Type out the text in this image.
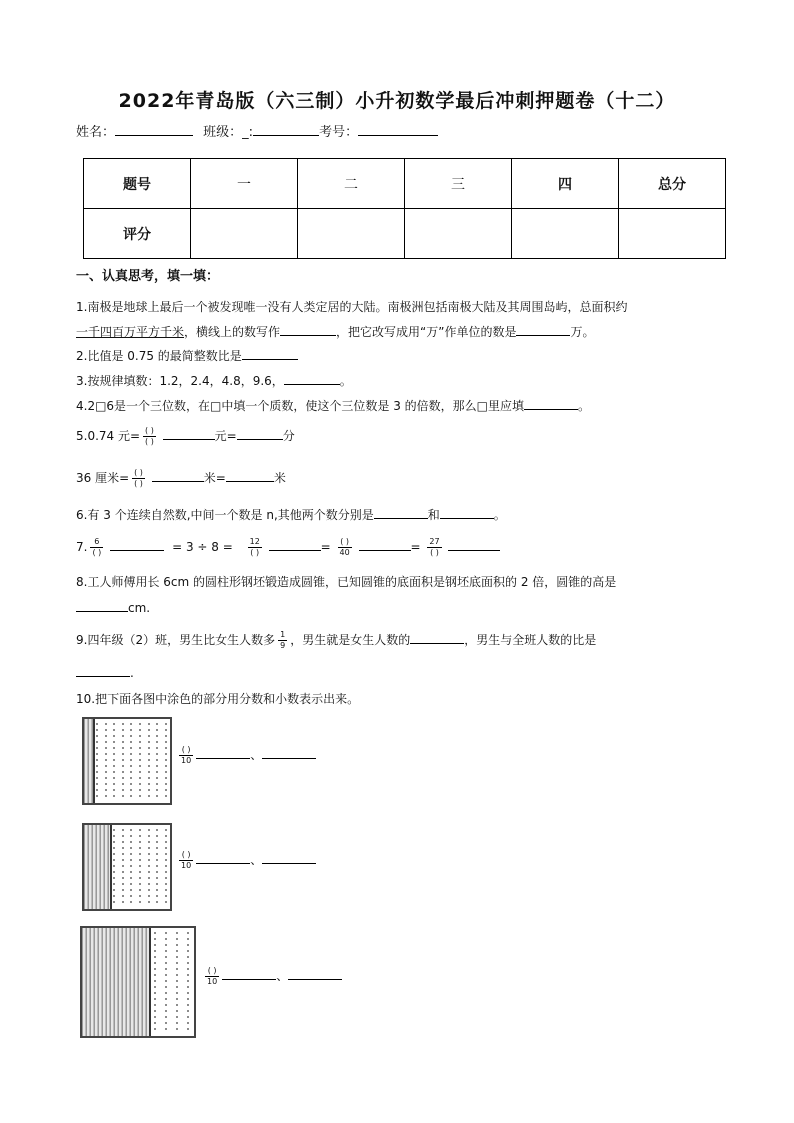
2022年青岛版（六三制）小升初数学最后冲刺押题卷（十二）
姓名：	班级：_:	考号：
题号	一	二	三	四	总分
评分					
一、认真思考，填一填：
1.南极是地球上最后一个被发现唯一没有人类定居的大陆。南极洲包括南极大陆及其周围岛屿，总面积约
一千四百万平方千米，横线上的数写作	，把它改写成用“万”作单位的数是	万。
2.比值是 0.75 的最简整数比是
3.按规律填数：1.2，2.4，4.8，9.6，	。
4.2□6是一个三位数，在□中填一个质数，使这个三位数是 3 的倍数，那么□里应填	。
5.0.74 元= $\frac{( )}{( )}$	元=	分
36 厘米= $\frac{( )}{( )}$	米=	米
6.有 3 个连续自然数,中间一个数是 n,其他两个数分别是	和	。
7. $\frac{6}{( )}$	= $3 \div 8 = \frac{12}{( )}$	= $\frac{( )}{40}$	= $\frac{27}{( )}$

8.工人师傅用长 6cm 的圆柱形钢坯锻造成圆锥，已知圆锥的底面积是钢坯底面积的 2 倍，圆锥的高是
cm.
9.四年级（2）班，男生比女生人数多 $\frac{1}{9}$ ，男生就是女生人数的	，男生与全班人数的比是
.
10.把下面各图中涂色的部分用分数和小数表示出来。
$\frac{( )}{10}$	、
$\frac{( )}{10}$	、
$\frac{( )}{10}$	、
